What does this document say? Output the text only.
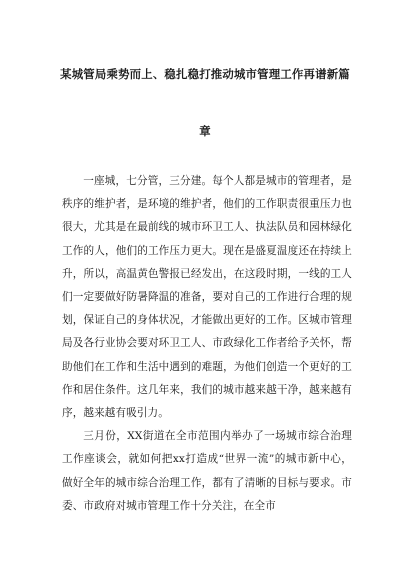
某城管局乘势而上、稳扎稳打推动城市管理工作再谱新篇
章

一座城，七分管，三分建。每个人都是城市的管理者，是秩序的维护者，是环境的维护者，他们的工作职责很重压力也很大，尤其是在最前线的城市环卫工人、执法队员和园林绿化工作的人，他们的工作压力更大。现在是盛夏温度还在持续上升，所以，高温黄色警报已经发出，在这段时期，一线的工人们一定要做好防暑降温的准备，要对自己的工作进行合理的规划，保证自己的身体状况，才能做出更好的工作。区城市管理局及各行业协会要对环卫工人、市政绿化工作者给予关怀，帮助他们在工作和生活中遇到的难题，为他们创造一个更好的工作和居住条件。这几年来，我们的城市越来越干净，越来越有序，越来越有吸引力。

三月份，XX街道在全市范围内举办了一场城市综合治理工作座谈会，就如何把xx打造成“世界一流”的城市新中心，做好全年的城市综合治理工作，都有了清晰的目标与要求。市委、市政府对城市管理工作十分关注，在全市
